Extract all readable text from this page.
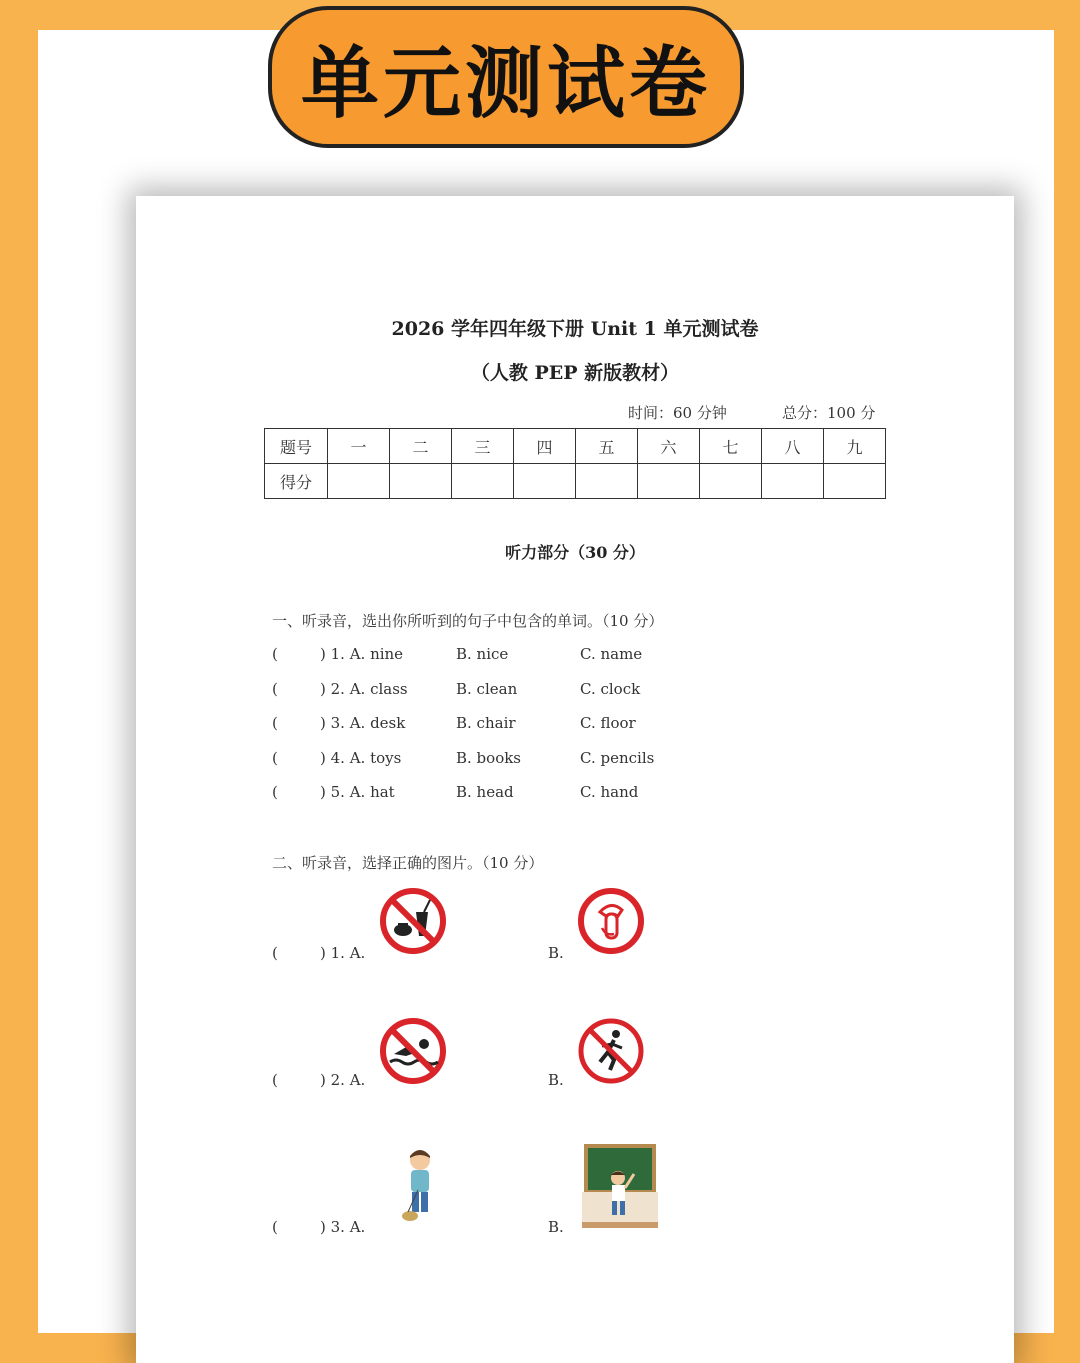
2026 学年四年级下册 Unit 1 单元测试卷
（人教 PEP 新版教材）
时间：60 分钟	总分：100 分
题号	一	二	三	四	五	六	七	八	九
得分									
听力部分（30 分）
一、听录音，选出你所听到的句子中包含的单词。（10 分）
(	) 1. A. nine	B. nice	C. name
(	) 2. A. class	B. clean	C. clock
(	) 3. A. desk	B. chair	C. floor
(	) 4. A. toys	B. books	C. pencils
(	) 5. A. hat	B. head	C. hand
二、听录音，选择正确的图片。（10 分）
(	) 1. A.	B.
(	) 2. A.	B.
(	) 3. A.	B.
单元测试卷
